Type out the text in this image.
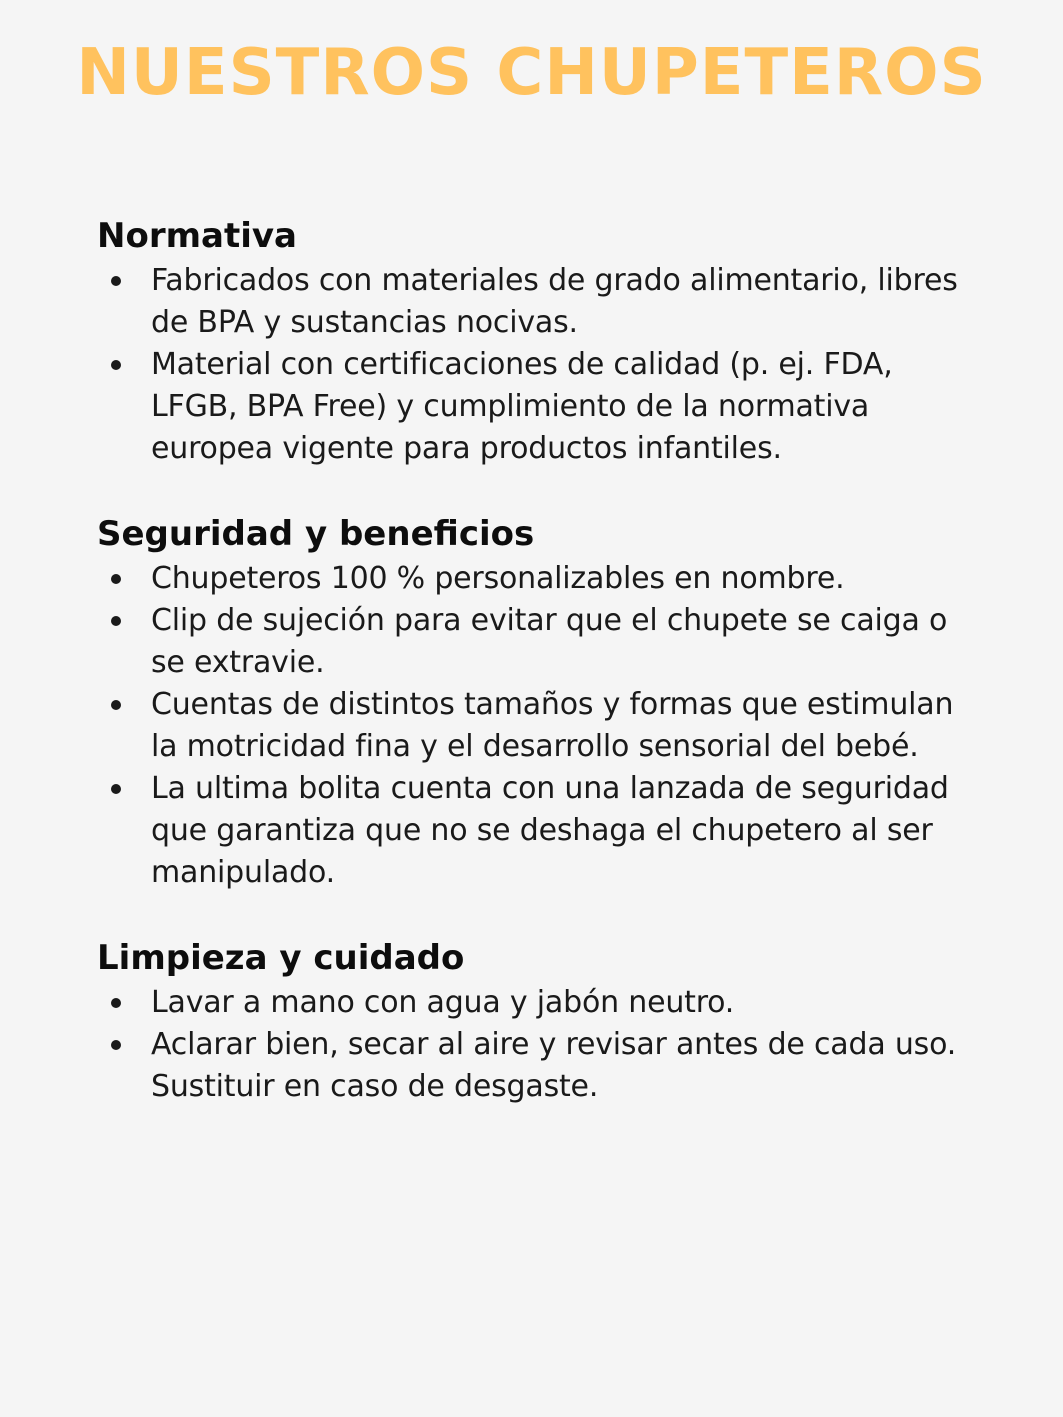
NUESTROS CHUPETEROS
Normativa
Fabricados con materiales de grado alimentario, libres de BPA y sustancias nocivas.
Material con certificaciones de calidad (p. ej. FDA, LFGB, BPA Free) y cumplimiento de la normativa europea vigente para productos infantiles.
Seguridad y beneficios
Chupeteros 100 % personalizables en nombre.
Clip de sujeción para evitar que el chupete se caiga o se extravie.
Cuentas de distintos tamaños y formas que estimulan la motricidad fina y el desarrollo sensorial del bebé.
La ultima bolita cuenta con una lanzada de seguridad que garantiza que no se deshaga el chupetero al ser manipulado.
Limpieza y cuidado
Lavar a mano con agua y jabón neutro.
Aclarar bien, secar al aire y revisar antes de cada uso. Sustituir en caso de desgaste.
